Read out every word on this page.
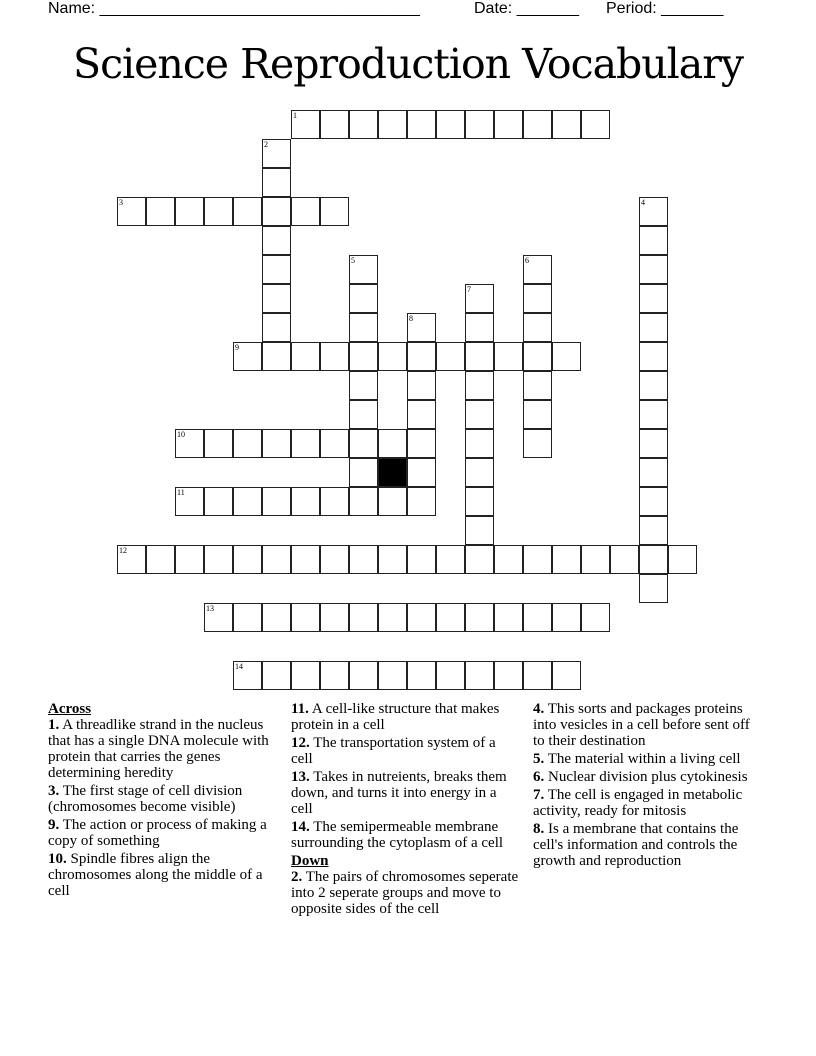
Name: ____________________________________	Date: _______ Period: _______
Science Reproduction Vocabulary
1
2
3	4
5	6
7
8
9
10
11
12
13
14
Across
1. A threadlike strand in the nucleus that has a single DNA molecule with protein that carries the genes determining heredity
3. The first stage of cell division (chromosomes become visible)
9. The action or process of making a copy of something
10. Spindle fibres align the chromosomes along the middle of a cell
11. A cell-like structure that makes protein in a cell
12. The transportation system of a cell
13. Takes in nutreients, breaks them down, and turns it into energy in a cell
14. The semipermeable membrane surrounding the cytoplasm of a cell
Down
2. The pairs of chromosomes seperate into 2 seperate groups and move to opposite sides of the cell
4. This sorts and packages proteins into vesicles in a cell before sent off to their destination
5. The material within a living cell
6. Nuclear division plus cytokinesis
7. The cell is engaged in metabolic activity, ready for mitosis
8. Is a membrane that contains the cell's information and controls the growth and reproduction
